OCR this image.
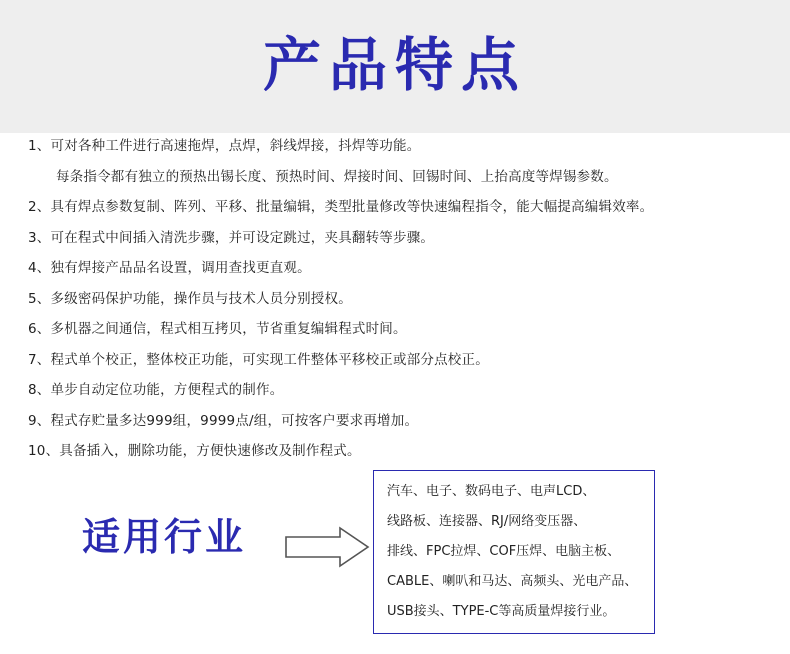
产品特点
1、可对各种工件进行高速拖焊，点焊，斜线焊接，抖焊等功能。
每条指令都有独立的预热出锡长度、预热时间、焊接时间、回锡时间、上抬高度等焊锡参数。
2、具有焊点参数复制、阵列、平移、批量编辑，类型批量修改等快速编程指令，能大幅提高编辑效率。
3、可在程式中间插入清洗步骤，并可设定跳过，夹具翻转等步骤。
4、独有焊接产品品名设置，调用查找更直观。
5、多级密码保护功能，操作员与技术人员分别授权。
6、多机器之间通信，程式相互拷贝，节省重复编辑程式时间。
7、程式单个校正，整体校正功能，可实现工件整体平移校正或部分点校正。
8、单步自动定位功能，方便程式的制作。
9、程式存贮量多达999组，9999点/组，可按客户要求再增加。
10、具备插入，删除功能，方便快速修改及制作程式。
适用行业
汽车、电子、数码电子、电声LCD、
线路板、连接器、RJ/网络变压器、
排线、FPC拉焊、COF压焊、电脑主板、
CABLE、喇叭和马达、高频头、光电产品、
USB接头、TYPE-C等高质量焊接行业。
